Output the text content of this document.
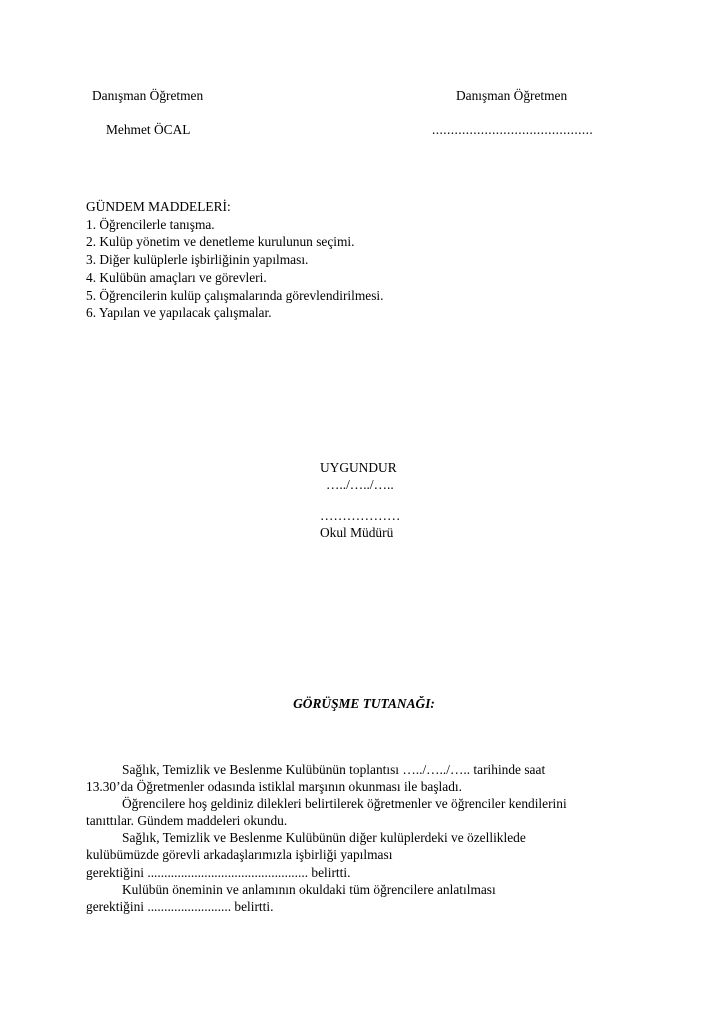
Danışman Öğretmen
Mehmet ÖCAL
Danışman Öğretmen
...........................................
GÜNDEM MADDELERİ:
1. Öğrencilerle tanışma.
2. Kulüp yönetim ve denetleme kurulunun seçimi.
3. Diğer kulüplerle işbirliğinin yapılması.
4. Kulübün amaçları ve görevleri.
5. Öğrencilerin kulüp çalışmalarında görevlendirilmesi.
6. Yapılan ve yapılacak çalışmalar.
UYGUNDUR
…../…../…..
………………
Okul Müdürü
GÖRÜŞME TUTANAĞI:
Sağlık, Temizlik ve Beslenme Kulübünün toplantısı …../…../….. tarihinde saat
13.30’da Öğretmenler odasında istiklal marşının okunması ile başladı.
Öğrencilere hoş geldiniz dilekleri belirtilerek öğretmenler ve öğrenciler kendilerini
tanıttılar. Gündem maddeleri okundu.
Sağlık, Temizlik ve Beslenme Kulübünün diğer kulüplerdeki ve özelliklede
kulübümüzde görevli arkadaşlarımızla işbirliği yapılması
gerektiğini ................................................ belirtti.
Kulübün öneminin ve anlamının okuldaki tüm öğrencilere anlatılması
gerektiğini ......................... belirtti.
